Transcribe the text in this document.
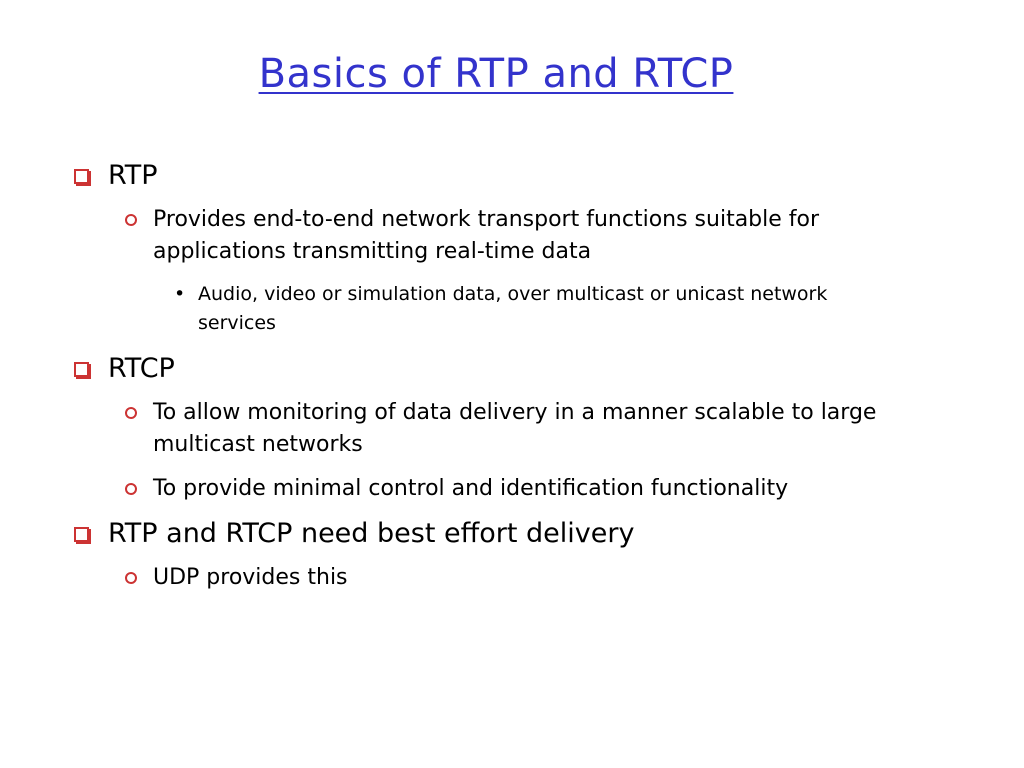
Basics of RTP and RTCP
RTP
Provides end-to-end network transport functions suitable for applications transmitting real-time data
• Audio, video or simulation data, over multicast or unicast network services
RTCP
To allow monitoring of data delivery in a manner scalable to large multicast networks
To provide minimal control and identification functionality
RTP and RTCP need best effort delivery
UDP provides this
